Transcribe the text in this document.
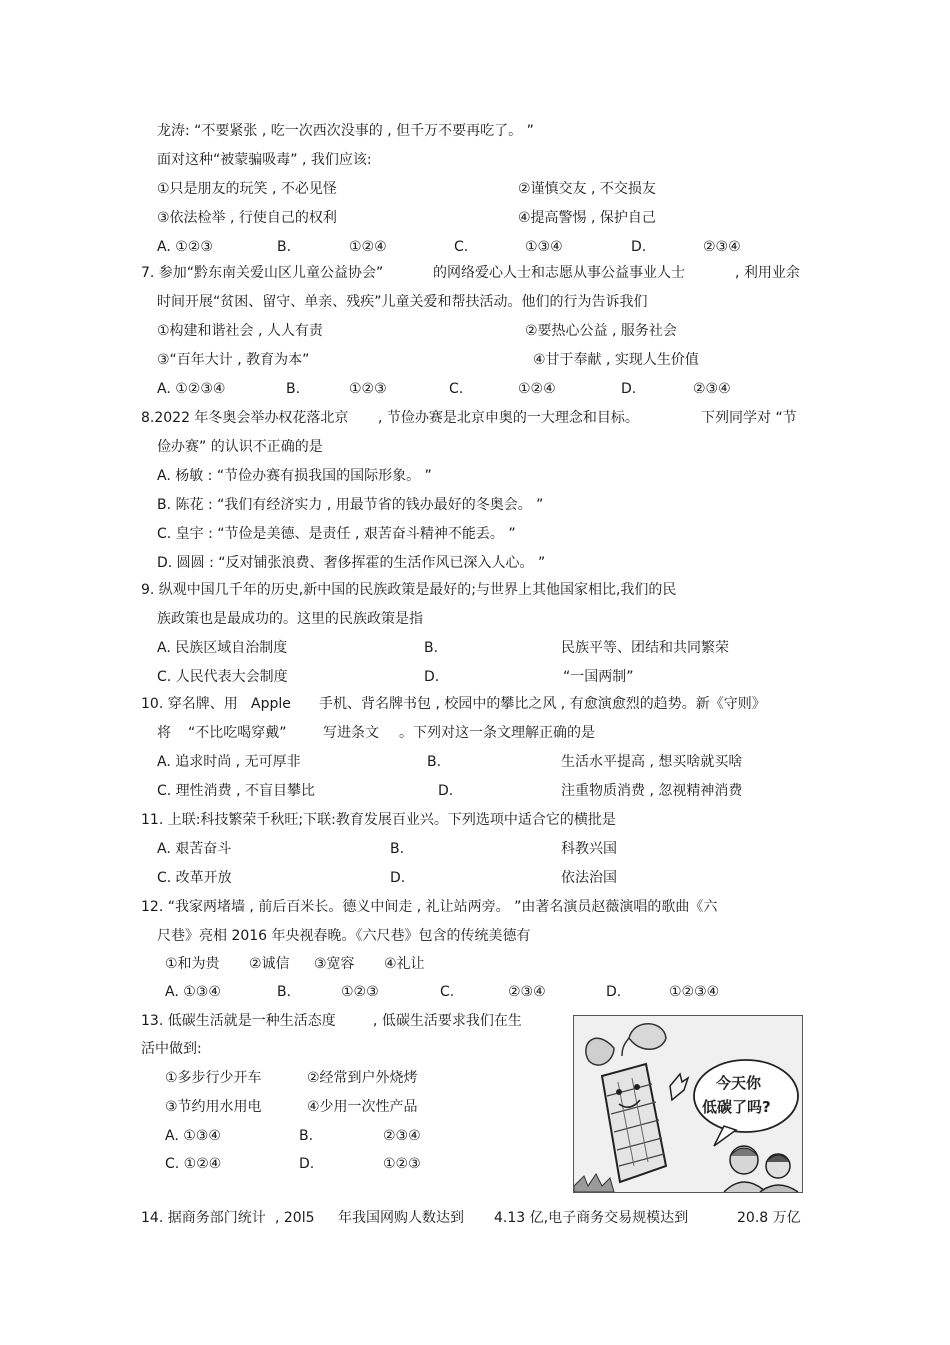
龙涛: “不要紧张 , 吃一次西次没事的 , 但千万不要再吃了。 ”
面对这种“被蒙骗吸毒” , 我们应该:
①只是朋友的玩笑 , 不必见怪	②谨慎交友 , 不交损友
③依法检举 , 行使自己的权利	④提高警惕 , 保护自己
A. ①②③	B.	①②④	C.	①③④	D.	②③④
7. 参加“黔东南关爱山区儿童公益协会”	的网络爱心人士和志愿从事公益事业人士	, 利用业余
时间开展“贫困、留守、单亲、残疾”儿童关爱和帮扶活动。他们的行为告诉我们
①构建和谐社会 , 人人有责	②要热心公益 , 服务社会
③“百年大计 , 教育为本”	④甘于奉献 , 实现人生价值
A. ①②③④	B.	①②③	C.	①②④	D.	②③④
8.2022 年冬奥会举办权花落北京 , 节俭办赛是北京申奥的一大理念和目标。	下列同学对 “节
俭办赛” 的认识不正确的是
A. 杨敏 : “节俭办赛有损我国的国际形象。 ”
B. 陈花 : “我们有经济实力 , 用最节省的钱办最好的冬奥会。 ”
C. 皇宇 : “节俭是美德、是责任 , 艰苦奋斗精神不能丢。 ”
D. 圆圆 : “反对铺张浪费、奢侈挥霍的生活作风已深入人心。 ”
9. 纵观中国几千年的历史,新中国的民族政策是最好的;与世界上其他国家相比,我们的民
族政策也是最成功的。这里的民族政策是指
A. 民族区域自治制度	B.	民族平等、团结和共同繁荣
C. 人民代表大会制度	D.	“一国两制”
10. 穿名牌、用 Apple 手机、背名牌书包 , 校园中的攀比之风 , 有愈演愈烈的趋势。新《守则》
将 “不比吃喝穿戴”	写进条文 。下列对这一条文理解正确的是
A. 追求时尚 , 无可厚非	B.	生活水平提高 , 想买啥就买啥
C. 理性消费 , 不盲目攀比	D.	注重物质消费 , 忽视精神消费
11. 上联:科技繁荣千秋旺;下联:教育发展百业兴。下列选项中适合它的横批是
A. 艰苦奋斗	B.	科教兴国
C. 改革开放	D.	依法治国
12. “我家两堵墙 , 前后百米长。德义中间走 , 礼让站两旁。 ”由著名演员赵薇演唱的歌曲《六
尺巷》亮相 2016 年央视春晚。《六尺巷》包含的传统美德有
①和为贵 ②诚信 ③宽容 ④礼让
A. ①③④	B.	①②③	C.	②③④	D.	①②③④
13. 低碳生活就是一种生活态度	, 低碳生活要求我们在生
活中做到:
①多步行少开车	②经常到户外烧烤
③节约用水用电	④少用一次性产品
A. ①③④	B.	②③④
C. ①②④	D.	①②③
今天你
低碳了吗?
14. 据商务部门统计 , 20l5 年我国网购人数达到 4.13 亿,电子商务交易规模达到	20.8 万亿
